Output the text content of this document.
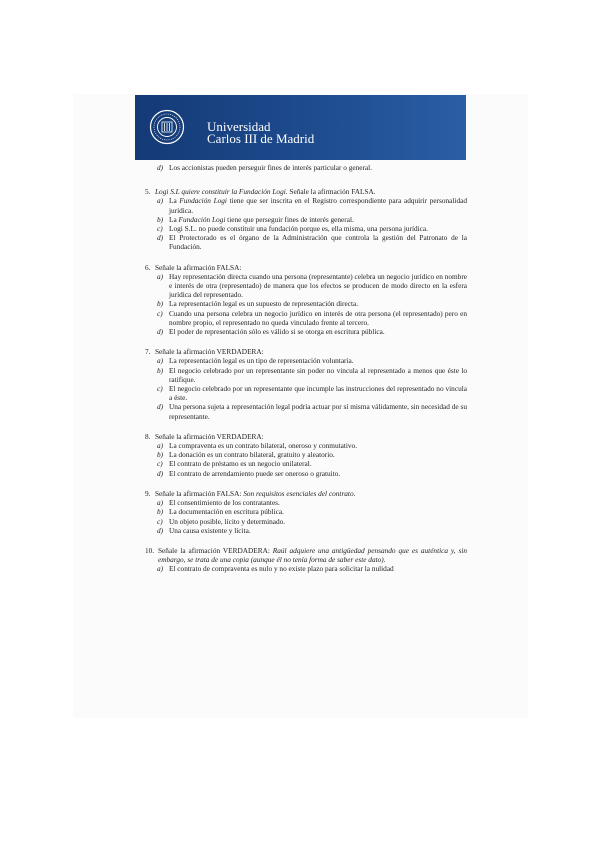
Universidad
Carlos III de Madrid
d) Los accionistas pueden perseguir fines de interés particular o general.
5. Logi S.L quiere constituir la Fundación Logi. Señale la afirmación FALSA.
a) La Fundación Logi tiene que ser inscrita en el Registro correspondiente para adquirir personalidad jurídica.
b) La Fundación Logi tiene que perseguir fines de interés general.
c) Logi S.L. no puede constituir una fundación porque es, ella misma, una persona jurídica.
d) El Protectorado es el órgano de la Administración que controla la gestión del Patronato de la Fundación.
6. Señale la afirmación FALSA:
a) Hay representación directa cuando una persona (representante) celebra un negocio jurídico en nombre e interés de otra (representado) de manera que los efectos se producen de modo directo en la esfera jurídica del representado.
b) La representación legal es un supuesto de representación directa.
c) Cuando una persona celebra un negocio jurídico en interés de otra persona (el representado) pero en nombre propio, el representado no queda vinculado frente al tercero.
d) El poder de representación sólo es válido si se otorga en escritura pública.
7. Señale la afirmación VERDADERA:
a) La representación legal es un tipo de representación voluntaria.
b) El negocio celebrado por un representante sin poder no vincula al representado a menos que éste lo ratifique.
c) El negocio celebrado por un representante que incumple las instrucciones del representado no vincula a éste.
d) Una persona sujeta a representación legal podría actuar por sí misma válidamente, sin necesidad de su representante.
8. Señale la afirmación VERDADERA:
a) La compraventa es un contrato bilateral, oneroso y conmutativo.
b) La donación es un contrato bilateral, gratuito y aleatorio.
c) El contrato de préstamo es un negocio unilateral.
d) El contrato de arrendamiento puede ser oneroso o gratuito.
9. Señale la afirmación FALSA: Son requisitos esenciales del contrato.
a) El consentimiento de los contratantes.
b) La documentación en escritura pública.
c) Un objeto posible, lícito y determinado.
d) Una causa existente y lícita.
10. Señale la afirmación VERDADERA: Raúl adquiere una antigüedad pensando que es auténtica y, sin embargo, se trata de una copia (aunque él no tenía forma de saber este dato).
a) El contrato de compraventa es nulo y no existe plazo para solicitar la nulidad
